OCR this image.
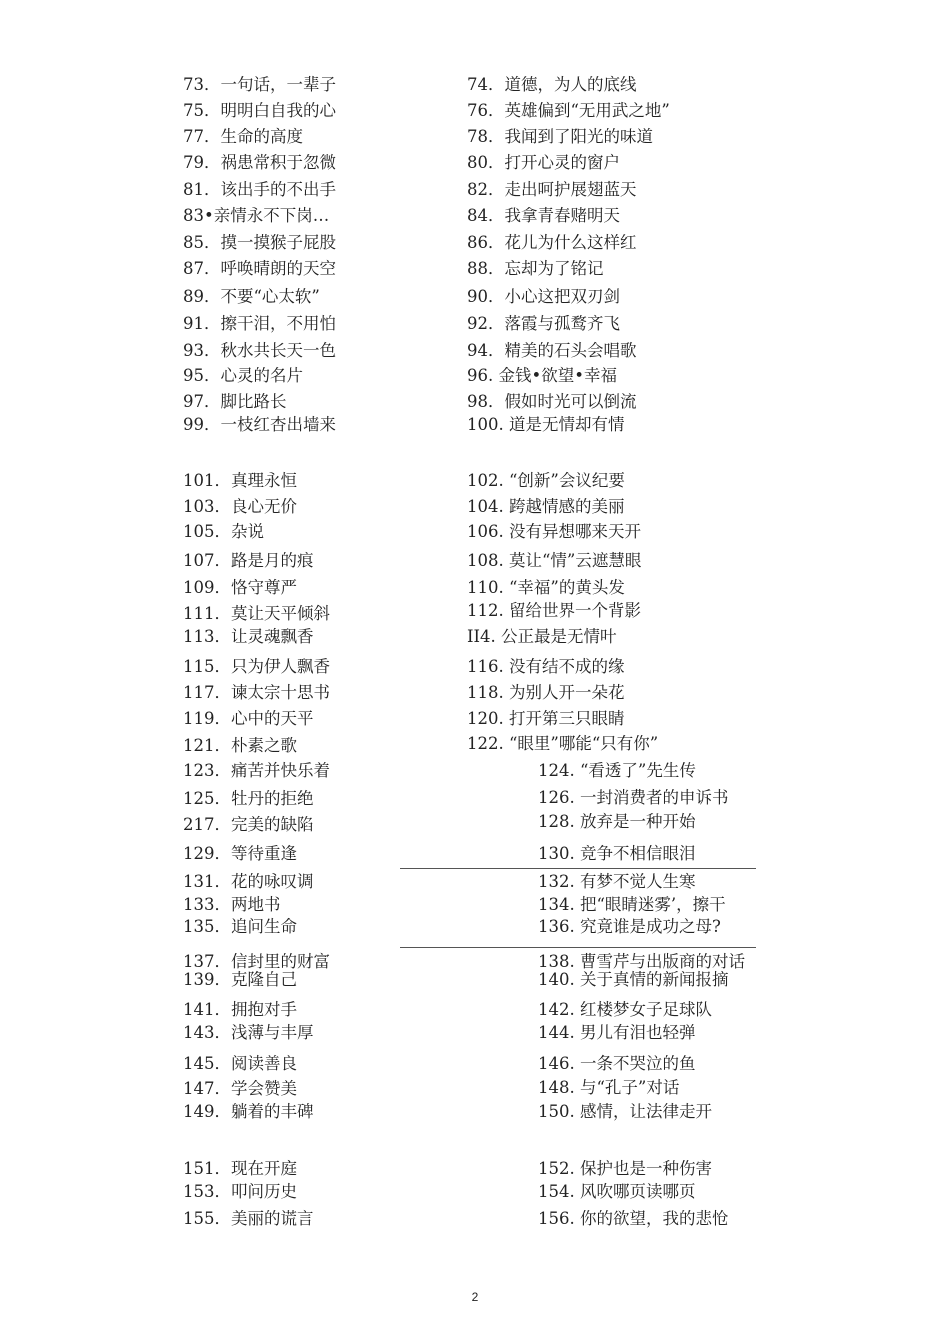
73．一句话，一辈子	74．道德，为人的底线
75．明明白自我的心	76．英雄偏到“无用武之地”
77．生命的高度	78．我闻到了阳光的味道
79．祸患常积于忽微	80．打开心灵的窗户
81．该出手的不出手	82．走出呵护展翅蓝天
83•亲情永不下岗…	84．我拿青春赌明天
85．摸一摸猴子屁股	86．花儿为什么这样红
87．呼唤晴朗的天空	88．忘却为了铭记
89．不要“心太软”	90．小心这把双刃剑
91．擦干泪，不用怕	92．落霞与孤鹜齐飞
93．秋水共长天一色	94．精美的石头会唱歌
95．心灵的名片	96. 金钱•欲望•幸福
97．脚比路长	98．假如时光可以倒流
99．一枝红杏出墙来	100. 道是无情却有情
101．真理永恒	102. “创新”会议纪要
103．良心无价	104. 跨越情感的美丽
105．杂说	106. 没有异想哪来天开
107．路是月的痕	108. 莫让“情”云遮慧眼
109．恪守尊严	110. “幸福”的黄头发
111．莫让天平倾斜	112. 留给世界一个背影
113．让灵魂飘香	II4. 公正最是无情叶
115．只为伊人飘香	116. 没有结不成的缘
117．谏太宗十思书	118. 为别人开一朵花
119．心中的天平	120. 打开第三只眼睛
121．朴素之歌	122. “眼里”哪能“只有你”
123．痛苦并快乐着	124. “看透了”先生传
125．牡丹的拒绝	126. 一封消费者的申诉书
217．完美的缺陷	128. 放弃是一种开始
129．等待重逢	130. 竞争不相信眼泪
131．花的咏叹调	132. 有梦不觉人生寒
133．两地书	134. 把“眼睛迷雾’，擦干
135．追问生命	136. 究竟谁是成功之母?
137．信封里的财富	138. 曹雪芹与出版商的对话
139．克隆自己	140. 关于真情的新闻报摘
141．拥抱对手	142. 红楼梦女子足球队
143．浅薄与丰厚	144. 男儿有泪也轻弹
145．阅读善良	146. 一条不哭泣的鱼
147．学会赞美	148. 与“孔子”对话
149．躺着的丰碑	150. 感情，让法律走开
151．现在开庭	152. 保护也是一种伤害
153．叩问历史	154. 风吹哪页读哪页
155．美丽的谎言	156. 你的欲望，我的悲怆
2
